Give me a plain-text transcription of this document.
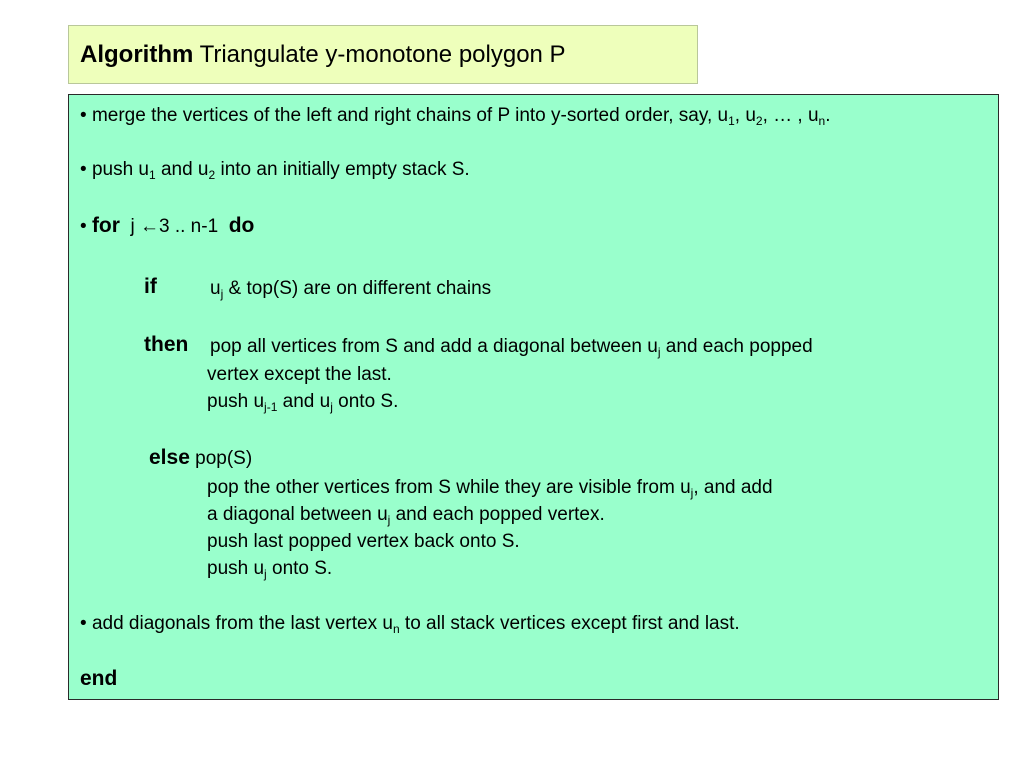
Algorithm Triangulate y-monotone polygon P
• merge the vertices of the left and right chains of P into y-sorted order, say, $u_1$, $u_2$, … , $u_n$.
• push $u_1$ and $u_2$ into an initially empty stack S.
• for j ←3 .. n-1 do
if	$u_j$ & top(S) are on different chains
then pop all vertices from S and add a diagonal between $u_j$ and each popped
vertex except the last.
push $u_{j-1}$ and $u_j$ onto S.
else pop(S)
pop the other vertices from S while they are visible from $u_j$, and add
a diagonal between $u_j$ and each popped vertex.
push last popped vertex back onto S.
push $u_j$ onto S.
• add diagonals from the last vertex $u_n$ to all stack vertices except first and last.
end
